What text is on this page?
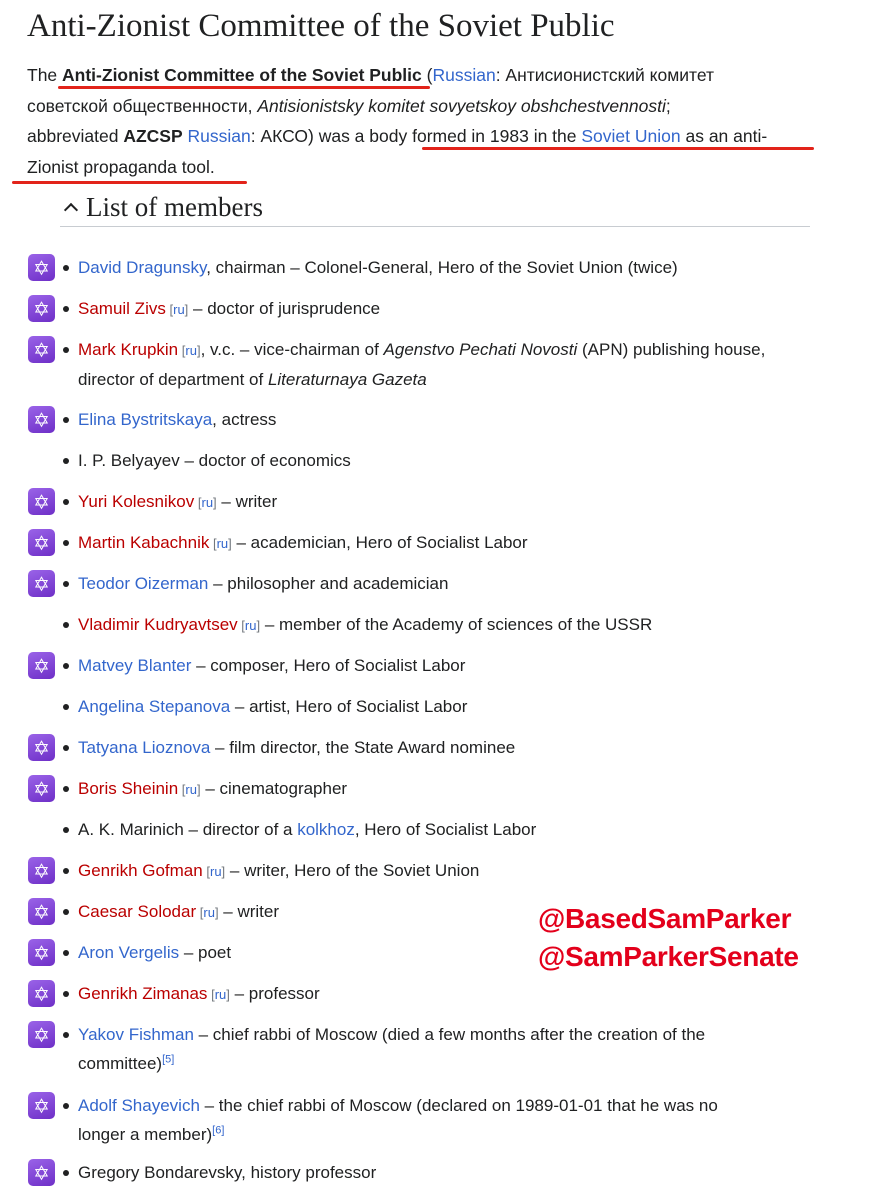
Anti-Zionist Committee of the Soviet Public

The Anti-Zionist Committee of the Soviet Public (Russian: Антисионистский комитет

советской общественности, Antisionistsky komitet sovyetskoy obshchestvennosti;

abbreviated AZCSP Russian: АКСО) was a body formed in 1983 in the Soviet Union as an anti-

Zionist propaganda tool.

List of members
✡	David Dragunsky, chairman – Colonel-General, Hero of the Soviet Union (twice)
✡	Samuil Zivs [ru] – doctor of jurisprudence
✡	Mark Krupkin [ru], v.c. – vice-chairman of Agenstvo Pechati Novosti (APN) publishing house,
director of department of Literaturnaya Gazeta
✡	Elina Bystritskaya, actress
I. P. Belyayev – doctor of economics
✡	Yuri Kolesnikov [ru] – writer
✡	Martin Kabachnik [ru] – academician, Hero of Socialist Labor
✡	Teodor Oizerman – philosopher and academician
Vladimir Kudryavtsev [ru] – member of the Academy of sciences of the USSR
✡	Matvey Blanter – composer, Hero of Socialist Labor
Angelina Stepanova – artist, Hero of Socialist Labor
✡	Tatyana Lioznova – film director, the State Award nominee
✡	Boris Sheinin [ru] – cinematographer
A. K. Marinich – director of a kolkhoz, Hero of Socialist Labor
✡	Genrikh Gofman [ru] – writer, Hero of the Soviet Union
✡	Caesar Solodar [ru] – writer
✡	Aron Vergelis – poet
✡	Genrikh Zimanas [ru] – professor
✡	Yakov Fishman – chief rabbi of Moscow (died a few months after the creation of the
committee)[5]
✡	Adolf Shayevich – the chief rabbi of Moscow (declared on 1989-01-01 that he was no
longer a member)[6]
✡	Gregory Bondarevsky, history professor
@BasedSamParker
@SamParkerSenate
